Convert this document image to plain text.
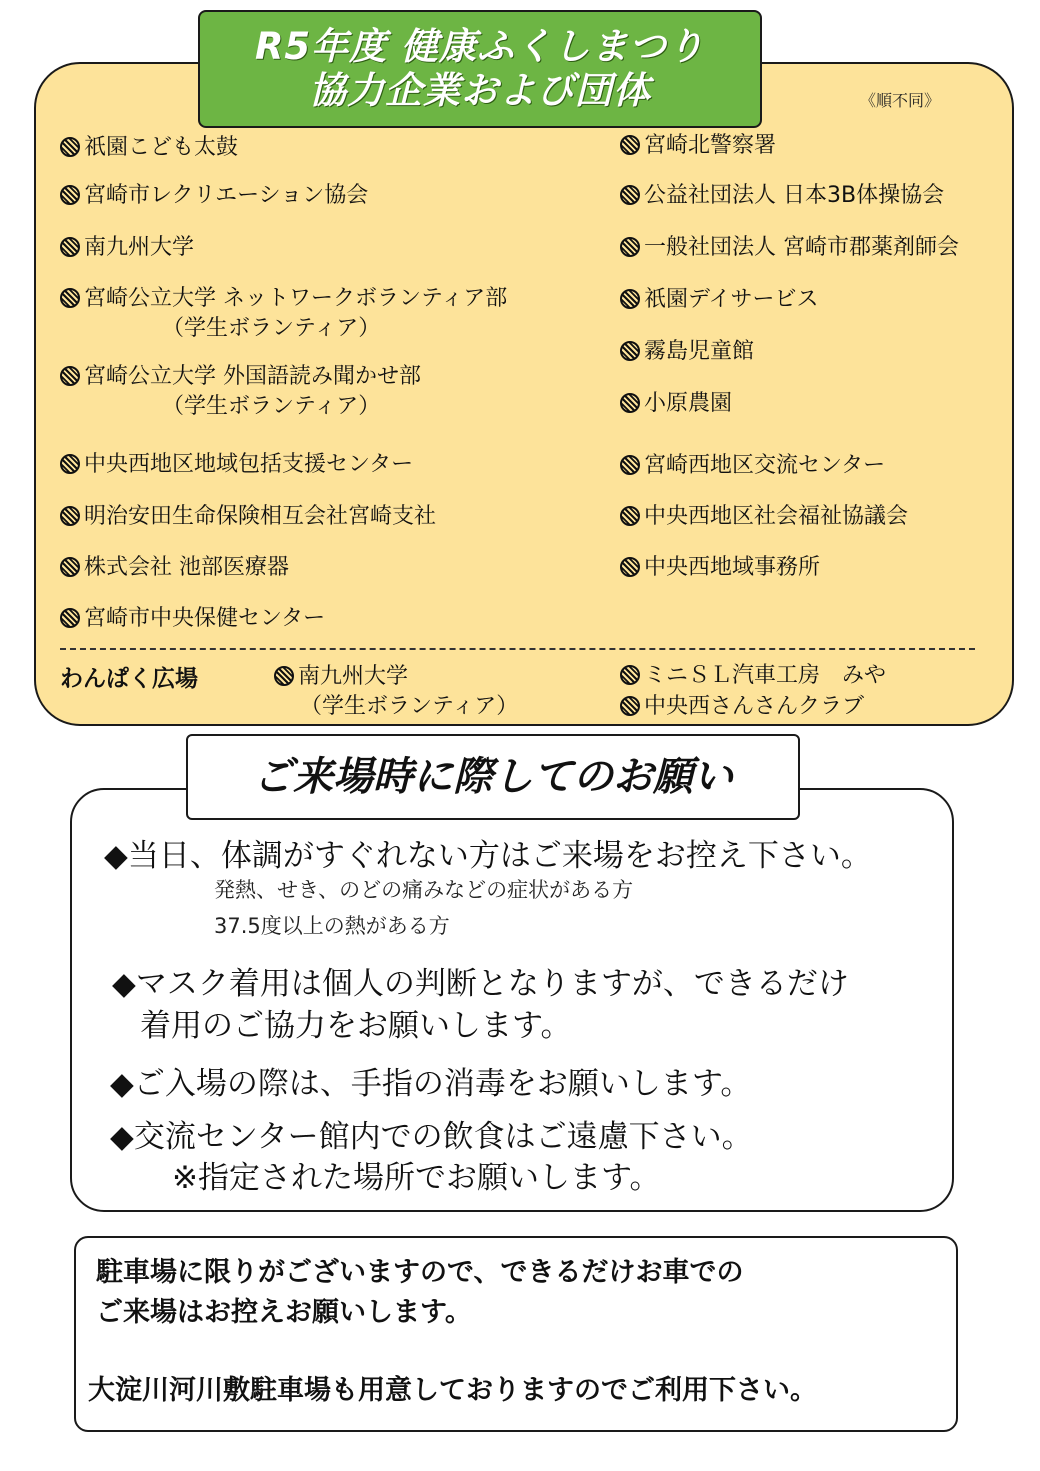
R5年度 健康ふくしまつり
協力企業および団体	《順不同》
祇園こども太鼓
宮崎市レクリエーション協会
南九州大学
宮崎公立大学 ネットワークボランティア部
（学生ボランティア）
宮崎公立大学 外国語読み聞かせ部
（学生ボランティア）
中央西地区地域包括支援センター
明治安田生命保険相互会社宮崎支社
株式会社 池部医療器
宮崎市中央保健センター
宮崎北警察署
公益社団法人 日本3B体操協会
一般社団法人 宮崎市郡薬剤師会
祇園デイサービス
霧島児童館
小原農園
宮崎西地区交流センター
中央西地区社会福祉協議会
中央西地域事務所
わんぱく広場	南九州大学
（学生ボランティア）
ミニＳＬ汽車工房　みや
中央西さんさんクラブ
ご来場時に際してのお願い
◆当日、体調がすぐれない方はご来場をお控え下さい。
発熱、せき、のどの痛みなどの症状がある方
37.5度以上の熱がある方
◆マスク着用は個人の判断となりますが、できるだけ
着用のご協力をお願いします。
◆ご入場の際は、手指の消毒をお願いします。
◆交流センター館内での飲食はご遠慮下さい。
※指定された場所でお願いします。
駐車場に限りがございますので、できるだけお車での
ご来場はお控えお願いします。
大淀川河川敷駐車場も用意しておりますのでご利用下さい。
